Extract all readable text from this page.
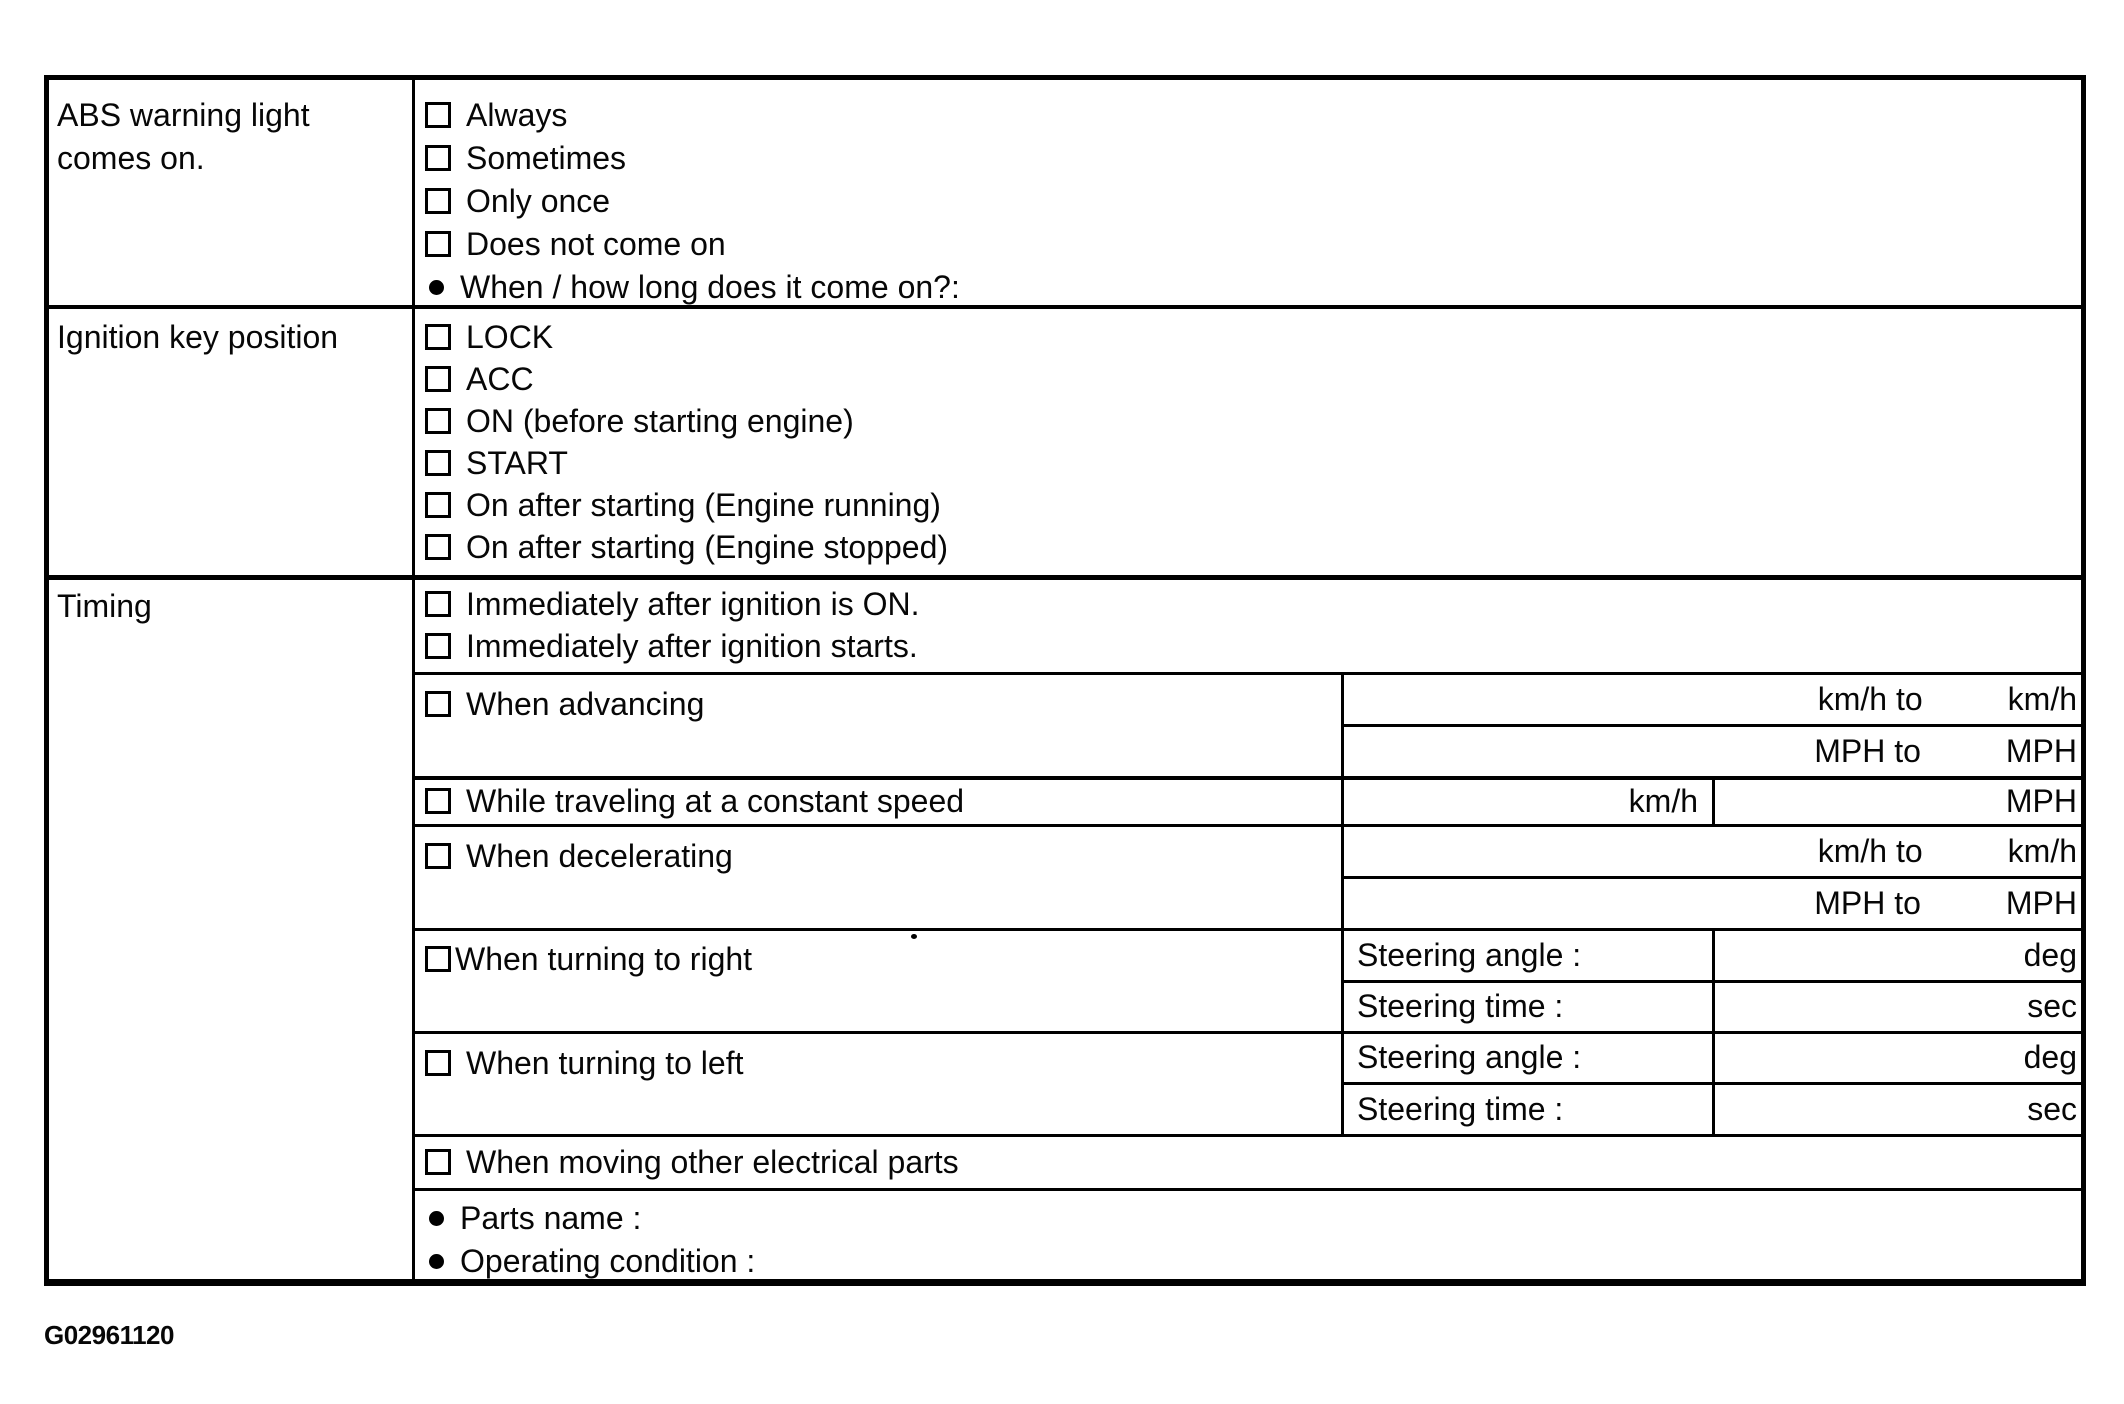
ABS warning light
comes on.
Always
Sometimes
Only once
Does not come on
When / how long does it come on?:
Ignition key position	LOCK
ACC
ON (before starting engine)
START
On after starting (Engine running)
On after starting (Engine stopped)
Timing	Immediately after ignition is ON.
Immediately after ignition starts.
When advancing	km/h to	km/h
MPH to	MPH
While traveling at a constant speed	km/h	MPH
When decelerating	km/h to	km/h
MPH to	MPH
When turning to right	Steering angle :	deg
Steering time :	sec
When turning to left	Steering angle :	deg
Steering time :	sec
When moving other electrical parts
Parts name :
Operating condition :
G02961120
